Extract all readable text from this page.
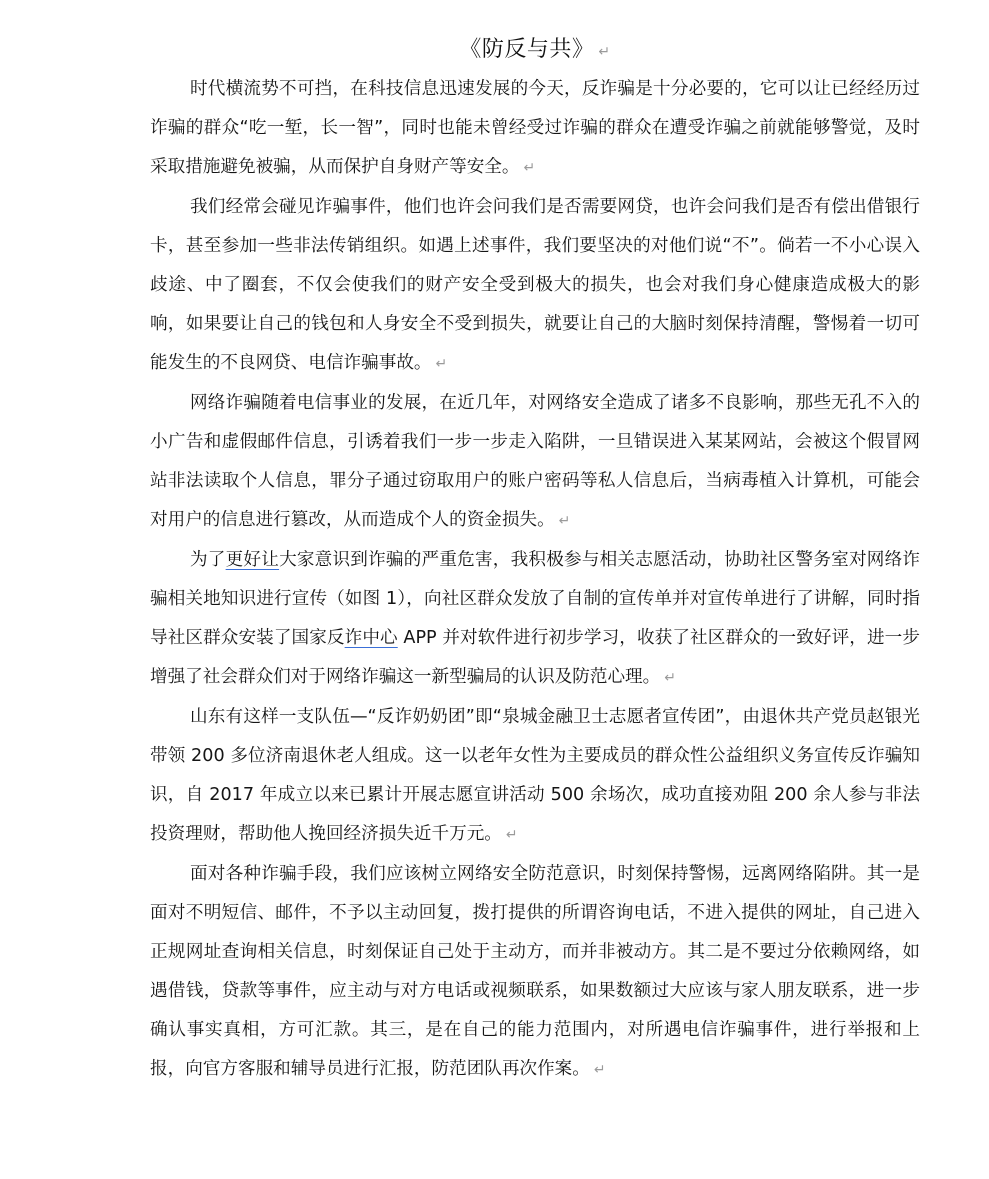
《防反与共》 ↵

时代横流势不可挡，在科技信息迅速发展的今天，反诈骗是十分必要的，它可以让已经经历过诈骗的群众“吃一堑，长一智”，同时也能未曾经受过诈骗的群众在遭受诈骗之前就能够警觉，及时采取措施避免被骗，从而保护自身财产等安全。 ↵

我们经常会碰见诈骗事件，他们也许会问我们是否需要网贷，也许会问我们是否有偿出借银行卡，甚至参加一些非法传销组织。如遇上述事件，我们要坚决的对他们说“不”。倘若一不小心误入歧途、中了圈套，不仅会使我们的财产安全受到极大的损失，也会对我们身心健康造成极大的影响，如果要让自己的钱包和人身安全不受到损失，就要让自己的大脑时刻保持清醒，警惕着一切可能发生的不良网贷、电信诈骗事故。 ↵

网络诈骗随着电信事业的发展，在近几年，对网络安全造成了诸多不良影响，那些无孔不入的小广告和虚假邮件信息，引诱着我们一步一步走入陷阱，一旦错误进入某某网站，会被这个假冒网站非法读取个人信息，罪分子通过窃取用户的账户密码等私人信息后，当病毒植入计算机，可能会对用户的信息进行篡改，从而造成个人的资金损失。 ↵

为了更好让大家意识到诈骗的严重危害，我积极参与相关志愿活动，协助社区警务室对网络诈骗相关地知识进行宣传（如图 1），向社区群众发放了自制的宣传单并对宣传单进行了讲解，同时指导社区群众安装了国家反诈中心 APP 并对软件进行初步学习，收获了社区群众的一致好评，进一步增强了社会群众们对于网络诈骗这一新型骗局的认识及防范心理。 ↵

山东有这样一支队伍—“反诈奶奶团”即“泉城金融卫士志愿者宣传团”，由退休共产党员赵银光带领 200 多位济南退休老人组成。这一以老年女性为主要成员的群众性公益组织义务宣传反诈骗知识，自 2017 年成立以来已累计开展志愿宣讲活动 500 余场次，成功直接劝阻 200 余人参与非法投资理财，帮助他人挽回经济损失近千万元。 ↵

面对各种诈骗手段，我们应该树立网络安全防范意识，时刻保持警惕，远离网络陷阱。其一是面对不明短信、邮件，不予以主动回复，拨打提供的所谓咨询电话，不进入提供的网址，自己进入正规网址查询相关信息，时刻保证自己处于主动方，而并非被动方。其二是不要过分依赖网络，如遇借钱，贷款等事件，应主动与对方电话或视频联系，如果数额过大应该与家人朋友联系，进一步确认事实真相，方可汇款。其三，是在自己的能力范围内，对所遇电信诈骗事件，进行举报和上报，向官方客服和辅导员进行汇报，防范团队再次作案。 ↵
